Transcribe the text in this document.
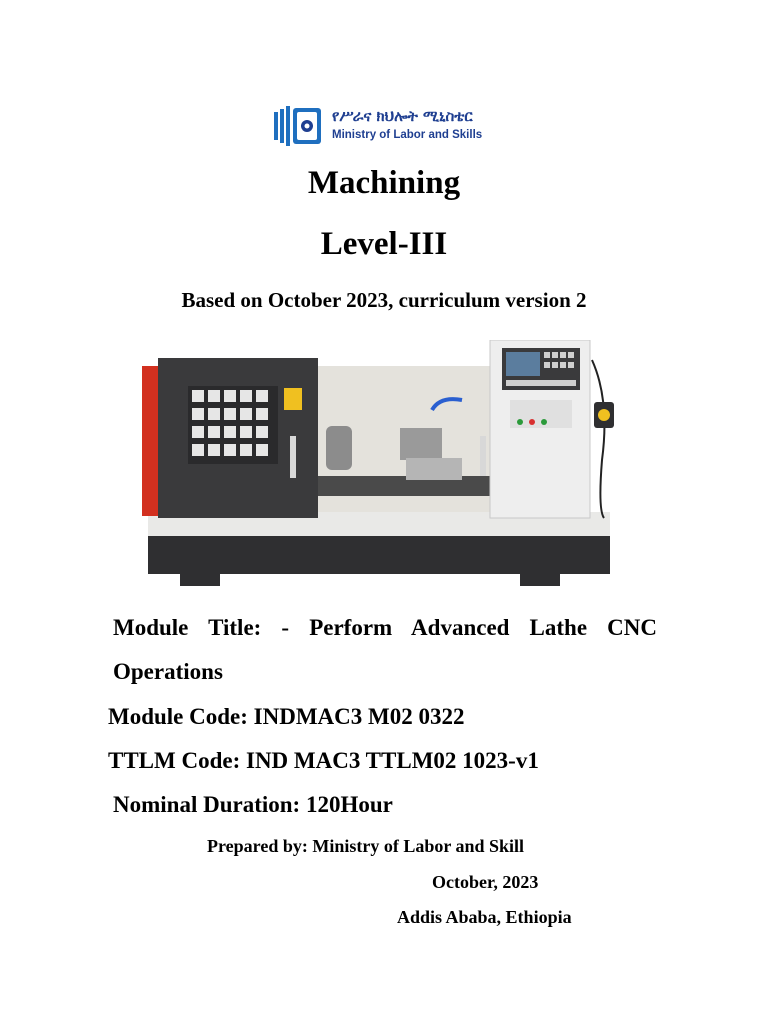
የሥራና ክህሎት ሚኒስቴር
Ministry of Labor and Skills
Machining
Level-III
Based on October 2023, curriculum version 2
Module Title: - Perform Advanced Lathe CNC
Operations
Module Code: INDMAC3 M02 0322
TTLM Code: IND MAC3 TTLM02 1023-v1
Nominal Duration: 120Hour
Prepared by: Ministry of Labor and Skill
October, 2023
Addis Ababa, Ethiopia
